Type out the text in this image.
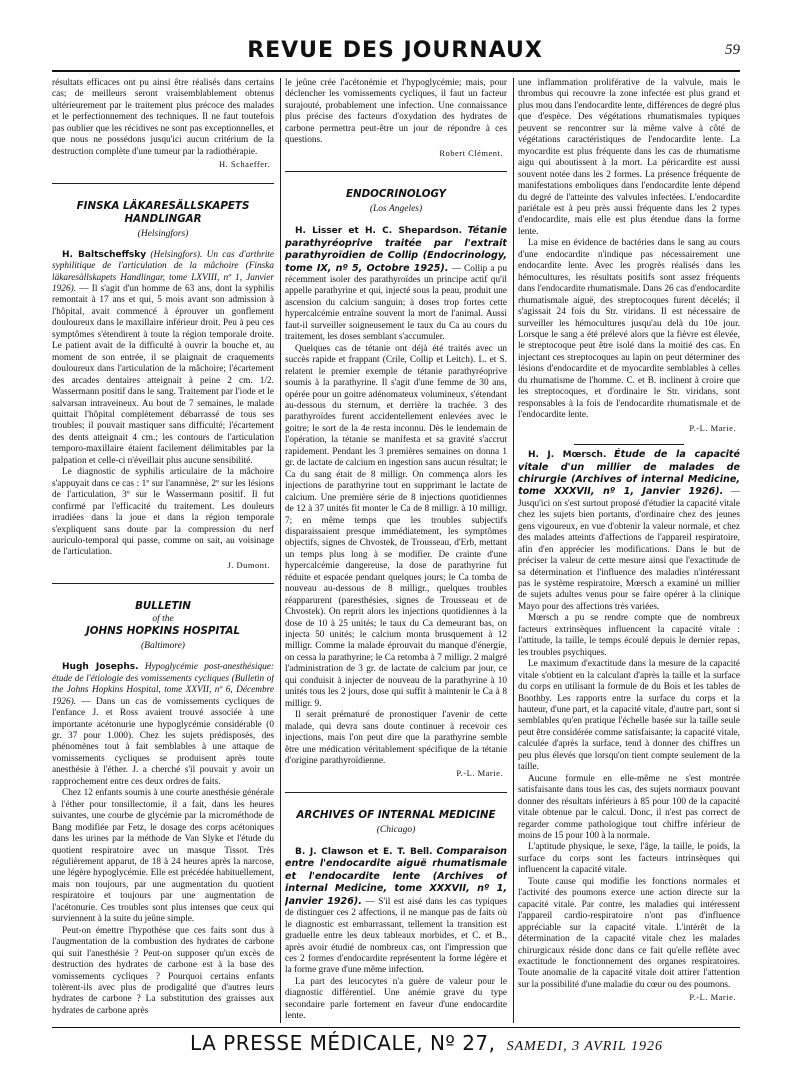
REVUE DES JOURNAUX	59

résultats efficaces ont pu ainsi être réalisés dans certains cas; de meilleurs seront vraisemblablement obtenus ultérieurement par le traitement plus précoce des malades et le perfectionnement des techniques. Il ne faut toutefois pas oublier que les récidives ne sont pas exceptionnelles, et que nous ne possédons jusqu'ici aucun critérium de la destruction complète d'une tumeur par la radiothérapie.

H. Schaeffer.
FINSKA LÄKARESÄLLSKAPETS HANDLINGAR
(Helsingfors)

H. Baltscheffsky (Helsingfors). Un cas d'arthrite syphilitique de l'articulation de la mâchoire (Finska läkaresällskapets Handlingar, tome LXVIII, nº 1, Janvier 1926). — Il s'agit d'un homme de 63 ans, dont la syphilis remontait à 17 ans et qui, 5 mois avant son admission à l'hôpital, avait commencé à éprouver un gonflement douloureux dans le maxillaire inférieur droit. Peu à peu ces symptômes s'étendirent à toute la région temporale droite. Le patient avait de la difficulté à ouvrir la bouche et, au moment de son entrée, il se plaignait de craquements douloureux dans l'articulation de la mâchoire; l'écartement des arcades dentaires atteignait à peine 2 cm. 1/2. Wassermann positif dans le sang. Traitement par l'iode et le salvarsan intraveineux. Au bout de 7 semaines, le malade quittait l'hôpital complètement débarrassé de tous ses troubles; il pouvait mastiquer sans difficulté; l'écartement des dents atteignait 4 cm.; les contours de l'articulation temporo-maxillaire étaient facilement délimitables par la palpation et celle-ci n'éveillait plus aucune sensibilité.

Le diagnostic de syphilis articulaire de la mâchoire s'appuyait dans ce cas : 1º sur l'anamnèse, 2º sur les lésions de l'articulation, 3º sur le Wassermann positif. Il fut confirmé par l'efficacité du traitement. Les douleurs irradiées dans la joue et dans la région temporale s'expliquent sans doute par la compression du nerf auriculo-temporal qui passe, comme on sait, au voisinage de l'articulation.

J. Dumont.
BULLETIN
of the
JOHNS HOPKINS HOSPITAL
(Baltimore)

Hugh Josephs. Hypoglycémie post-anesthésique: étude de l'étiologie des vomissements cycliques (Bulletin of the Johns Hopkins Hospital, tome XXVII, nº 6, Décembre 1926). — Dans un cas de vomissements cycliques de l'enfance J. et Ross avaient trouvé associée à une importante acétonurie une hypoglycémie considérable (0 gr. 37 pour 1.000). Chez les sujets prédisposés, des phénomènes tout à fait semblables à une attaque de vomissements cycliques se produisent après toute anesthésie à l'éther. J. a cherché s'il pouvait y avoir un rapprochement entre ces deux ordres de faits.

Chez 12 enfants soumis à une courte anesthésie générale à l'éther pour tonsillectomie, il a fait, dans les heures suivantes, une courbe de glycémie par la microméthode de Bang modifiée par Fetz, le dosage des corps acétoniques dans les urines par la méthode de Van Slyke et l'étude du quotient respiratoire avec un masque Tissot. Très régulièrement apparut, de 18 à 24 heures après la narcose, une légère hypoglycémie. Elle est précédée habituellement, mais non toujours, par une augmentation du quotient respiratoire et toujours par une augmentation de l'acétonurie. Ces troubles sont plus intenses que ceux qui surviennent à la suite du jeûne simple.

Peut-on émettre l'hypothèse que ces faits sont dus à l'augmentation de la combustion des hydrates de carbone qui suit l'anesthésie ? Peut-on supposer qu'un excès de destruction des hydrates de carbone est à la base des vomissements cycliques ? Pourquoi certains enfants tolèrent-ils avec plus de prodigalité que d'autres leurs hydrates de carbone ? La substitution des graisses aux hydrates de carbone après

le jeûne crée l'acétonémie et l'hypoglycémie; mais, pour déclencher les vomissements cycliques, il faut un facteur surajouté, probablement une infection. Une connaissance plus précise des facteurs d'oxydation des hydrates de carbone permettra peut-être un jour de répondre à ces questions.

Robert Clément.
ENDOCRINOLOGY
(Los Angeles)

H. Lisser et H. C. Shepardson. Tétanie parathyréoprive traitée par l'extrait parathyroïdien de Collip (Endocrinology, tome IX, nº 5, Octobre 1925). — Collip a pu récemment isoler des parathyroïdes un principe actif qu'il appelle parathyrine et qui, injecté sous la peau, produit une ascension du calcium sanguin; à doses trop fortes cette hypercalcémie entraîne souvent la mort de l'animal. Aussi faut-il surveiller soigneusement le taux du Ca au cours du traitement, les doses semblant s'accumuler.

Quelques cas de tétanie ont déjà été traités avec un succès rapide et frappant (Crile, Collip et Leitch). L. et S. relatent le premier exemple de tétanie parathyréoprive soumis à la parathyrine. Il s'agit d'une femme de 30 ans, opérée pour un goitre adénomateux volumineux, s'étendant au-dessous du sternum, et derrière la trachée. 3 des parathyroïdes furent accidentellement enlevées avec le goitre; le sort de la 4e resta inconnu. Dès le lendemain de l'opération, la tétanie se manifesta et sa gravité s'accrut rapidement. Pendant les 3 premières semaines on donna 1 gr. de lactate de calcium en ingestion sans aucun résultat; le Ca du sang était de 8 milligr. On commença alors les injections de parathyrine tout en supprimant le lactate de calcium. Une première série de 8 injections quotidiennes de 12 à 37 unités fit monter le Ca de 8 milligr. à 10 milligr. 7; en même temps que les troubles subjectifs disparaissaient presque immédiatement, les symptômes objectifs, signes de Chvostek, de Trousseau, d'Erb, mettant un temps plus long à se modifier. De crainte d'une hypercalcémie dangereuse, la dose de parathyrine fut réduite et espacée pendant quelques jours; le Ca tomba de nouveau au-dessous de 8 milligr., quelques troubles réapparurent (paresthésies, signes de Trousseau et de Chvostek). On reprit alors les injections quotidiennes à la dose de 10 à 25 unités; le taux du Ca demeurant bas, on injecta 50 unités; le calcium monta brusquement à 12 milligr. Comme la malade éprouvait du manque d'énergie, on cessa la parathyrine; le Ca retomba à 7 milligr. 2 malgré l'administration de 3 gr. de lactate de calcium par jour, ce qui conduisit à injecter de nouveau de la parathyrine à 10 unités tous les 2 jours, dose qui suffit à maintenir le Ca à 8 milligr. 9.

Il serait prématuré de pronostiquer l'avenir de cette malade, qui devra sans doute continuer à recevoir ces injections, mais l'on peut dire que la parathyrine semble être une médication véritablement spécifique de la tétanie d'origine parathyroïdienne.

P.-L. Marie.
ARCHIVES OF INTERNAL MEDICINE
(Chicago)

B. J. Clawson et E. T. Bell. Comparaison entre l'endocardite aiguë rhumatismale et l'endocardite lente (Archives of internal Medicine, tome XXXVII, nº 1, Janvier 1926). — S'il est aisé dans les cas typiques de distinguer ces 2 affections, il ne manque pas de faits où le diagnostic est embarrassant, tellement la transition est graduelle entre les deux tableaux morbides, et C. et B., après avoir étudié de nombreux cas, ont l'impression que ces 2 formes d'endocardite représentent la forme légère et la forme grave d'une même infection.

La part des leucocytes n'a guère de valeur pour le diagnostic différentiel. Une anémie grave du type secondaire parle fortement en faveur d'une endocardite lente.

une inflammation proliférative de la valvule, mais le thrombus qui recouvre la zone infectée est plus grand et plus mou dans l'endocardite lente, différences de degré plus que d'espèce. Des végétations rhumatismales typiques peuvent se rencontrer sur la même valve à côté de végétations caractéristiques de l'endocardite lente. La myocardite est plus fréquente dans les cas de rhumatisme aigu qui aboutissent à la mort. La péricardite est aussi souvent notée dans les 2 formes. La présence fréquente de manifestations emboliques dans l'endocardite lente dépend du degré de l'atteinte des valvules infectées. L'endocardite pariétale est à peu près aussi fréquente dans les 2 types d'endocardite, mais elle est plus étendue dans la forme lente.

La mise en évidence de bactéries dans le sang au cours d'une endocardite n'indique pas nécessairement une endocardite lente. Avec les progrès réalisés dans les hémocultures, les résultats positifs sont assez fréquents dans l'endocardite rhumatismale. Dans 26 cas d'endocardite rhumatismale aiguë, des streptocoques furent décelés; il s'agissait 24 fois du Str. viridans. Il est nécessaire de surveiller les hémocultures jusqu'au delà du 10e jour. Lorsque le sang a été prélevé alors que la fièvre est élevée, le streptocoque peut être isolé dans la moitié des cas. En injectant ces streptocoques au lapin on peut déterminer des lésions d'endocardite et de myocardite semblables à celles du rhumatisme de l'homme. C. et B. inclinent à croire que les streptocoques, et d'ordinaire le Str. viridans, sont responsables à la fois de l'endocardite rhumatismale et de l'endocardite lente.

P.-L. Marie.

H. J. Mœrsch. Étude de la capacité vitale d'un millier de malades de chirurgie (Archives of internal Medicine, tome XXXVII, nº 1, Janvier 1926). — Jusqu'ici on s'est surtout proposé d'étudier la capacité vitale chez les sujets bien portants, d'ordinaire chez des jeunes gens vigoureux, en vue d'obtenir la valeur normale, et chez des malades atteints d'affections de l'appareil respiratoire, afin d'en apprécier les modifications. Dans le but de préciser la valeur de cette mesure ainsi que l'exactitude de sa détermination et l'influence des maladies n'intéressant pas le système respiratoire, Mœrsch a examiné un millier de sujets adultes venus pour se faire opérer à la clinique Mayo pour des affections très variées.

Mœrsch a pu se rendre compte que de nombreux facteurs extrinsèques influencent la capacité vitale : l'attitude, la taille, le temps écoulé depuis le dernier repas, les troubles psychiques.

Le maximum d'exactitude dans la mesure de la capacité vitale s'obtient en la calculant d'après la taille et la surface du corps en utilisant la formule de du Bois et les tables de Boothby. Les rapports entre la surface du corps et la hauteur, d'une part, et la capacité vitale, d'autre part, sont si semblables qu'en pratique l'échelle basée sur la taille seule peut être considérée comme satisfaisante; la capacité vitale, calculée d'après la surface, tend à donner des chiffres un peu plus élevés que lorsqu'on tient compte seulement de la taille.

Aucune formule en elle-même ne s'est montrée satisfaisante dans tous les cas, des sujets normaux pouvant donner des résultats inférieurs à 85 pour 100 de la capacité vitale obtenue par le calcul. Donc, il n'est pas correct de regarder comme pathologique tout chiffre inférieur de moins de 15 pour 100 à la normale.

L'aptitude physique, le sexe, l'âge, la taille, le poids, la surface du corps sont les facteurs intrinsèques qui influencent la capacité vitale.

Toute cause qui modifie les fonctions normales et l'activité des poumons exerce une action directe sur la capacité vitale. Par contre, les maladies qui intéressent l'appareil cardio-respiratoire n'ont pas d'influence appréciable sur la capacité vitale. L'intérêt de la détermination de la capacité vitale chez les malades chirurgicaux réside donc dans ce fait qu'elle reflète avec exactitude le fonctionnement des organes respiratoires. Toute anomalie de la capacité vitale doit attirer l'attention sur la possibilité d'une maladie du cœur ou des poumons.

P.-L. Marie.
LA PRESSE MÉDICALE, Nº 27, SAMEDI, 3 AVRIL 1926
